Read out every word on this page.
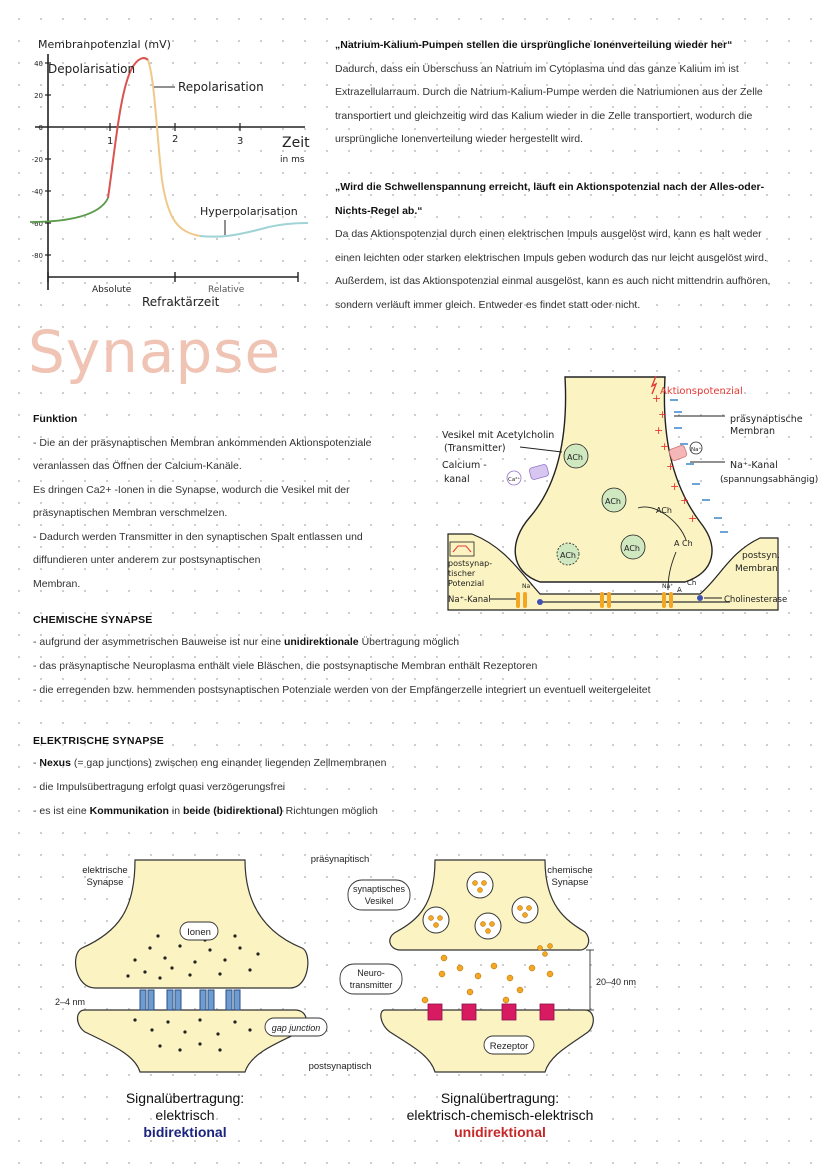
Membranpotenzial (mV)
40
20
0
-20
-40
-60
-80
1	2	3	Zeit
in ms
Depolarisation
Repolarisation
Hyperpolarisation
Absolute	Relative
Refraktärzeit
„Natrium-Kalium-Pumpen stellen die ursprüngliche Ionenverteilung wieder her“
Dadurch, dass ein Überschuss an Natrium im Cytoplasma und das ganze Kalium im ist
Extrazellularraum. Durch die Natrium-Kalium-Pumpe werden die Natriumionen aus der Zelle
transportiert und gleichzeitig wird das Kalium wieder in die Zelle transportiert, wodurch die
ursprüngliche Ionenverteilung wieder hergestellt wird.
„Wird die Schwellenspannung erreicht, läuft ein Aktionspotenzial nach der Alles-oder-
Nichts-Regel ab.“
Da das Aktionspotenzial durch einen elektrischen Impuls ausgelöst wird, kann es halt weder
einen leichten oder starken elektrischen Impuls geben wodurch das nur leicht ausgelöst wird.
Außerdem, ist das Aktionspotenzial einmal ausgelöst, kann es auch nicht mittendrin aufhören,
sondern verläuft immer gleich. Entweder es findet statt oder nicht.
Synapse
Funktion
- Die an der präsynaptischen Membran ankommenden Aktionspotenziale
veranlassen das Öffnen der Calcium-Kanäle.
Es dringen Ca2+ -Ionen in die Synapse, wodurch die Vesikel mit der
präsynaptischen Membran verschmelzen.
- Dadurch werden Transmitter in den synaptischen Spalt entlassen und
diffundieren unter anderem zur postsynaptischen
Membran.
+
+
+
+
+
+
+
+
Aktionspotenzial
präsynaptische
Membran
Na⁺
Na⁺-Kanal
(spannungsabhängig)
Vesikel mit Acetylcholin
(Transmitter)
Calcium -
kanal	Ca²⁺
ACh
ACh
ACh
ACh
ACh
A Ch
postsynap-
tischer
Potenzial
Na⁺-Kanal
Na⁺	Na⁺ A
Ch
postsyn.
Membran
Cholinesterase
CHEMISCHE SYNAPSE
- aufgrund der asymmetrischen Bauweise ist nur eine unidirektionale Übertragung möglich
- das präsynaptische Neuroplasma enthält viele Bläschen, die postsynaptische Membran enthält Rezeptoren
- die erregenden bzw. hemmenden postsynaptischen Potenziale werden von der Empfängerzelle integriert un eventuell weitergeleitet
ELEKTRISCHE SYNAPSE
- Nexus (= gap junctions) zwischen eng einander liegenden Zellmembranen
- die Impulsübertragung erfolgt quasi verzögerungsfrei
- es ist eine Kommunikation in beide (bidirektional) Richtungen möglich
elektrische
Synapse
Ionen
2–4 nm
gap junction
präsynaptisch
postsynaptisch
chemische
Synapse
synaptisches
Vesikel
Neuro-
transmitter	20–40 nm
Rezeptor
Signalübertragung:
elektrisch
bidirektional
Signalübertragung:
elektrisch-chemisch-elektrisch
unidirektional
